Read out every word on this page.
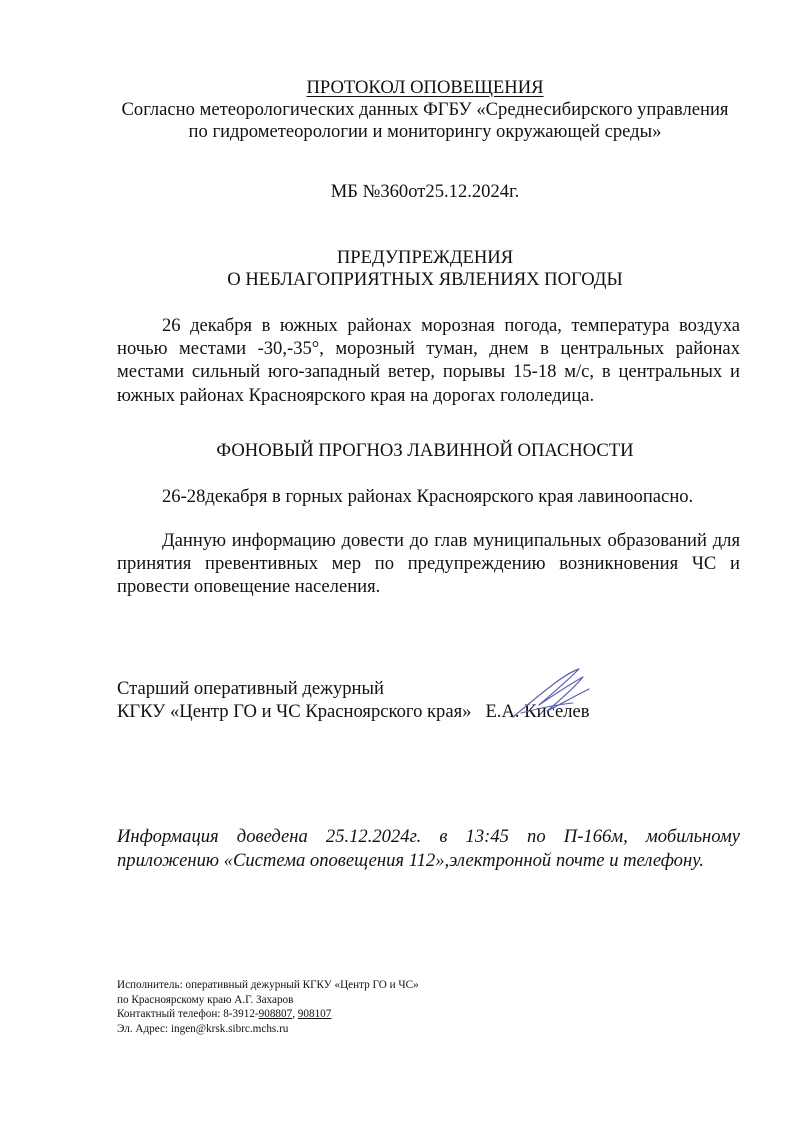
ПРОТОКОЛ ОПОВЕЩЕНИЯ
Согласно метеорологических данных ФГБУ «Среднесибирского управления
по гидрометеорологии и мониторингу окружающей среды»
МБ №360от25.12.2024г.
ПРЕДУПРЕЖДЕНИЯ
О НЕБЛАГОПРИЯТНЫХ ЯВЛЕНИЯХ ПОГОДЫ

26 декабря в южных районах морозная погода, температура воздуха ночью местами -30,-35°, морозный туман, днем в центральных районах местами сильный юго-западный ветер, порывы 15-18 м/с, в центральных и южных районах Красноярского края на дорогах гололедица.

ФОНОВЫЙ ПРОГНОЗ ЛАВИННОЙ ОПАСНОСТИ

26-28декабря в горных районах Красноярского края лавиноопасно.

Данную информацию довести до глав муниципальных образований для принятия превентивных мер по предупреждению возникновения ЧС и провести оповещение населения.

Старший оперативный дежурный
КГКУ «Центр ГО и ЧС Красноярского края» Е.А. Киселев

Информация доведена 25.12.2024г. в 13:45 по П-166м, мобильному

приложению «Система оповещения 112»,электронной почте и телефону.

Исполнитель: оперативный дежурный КГКУ «Центр ГО и ЧС»
по Красноярскому краю А.Г. Захаров
Контактный телефон: 8-3912-908807, 908107
Эл. Адрес: ingen@krsk.sibrc.mchs.ru
